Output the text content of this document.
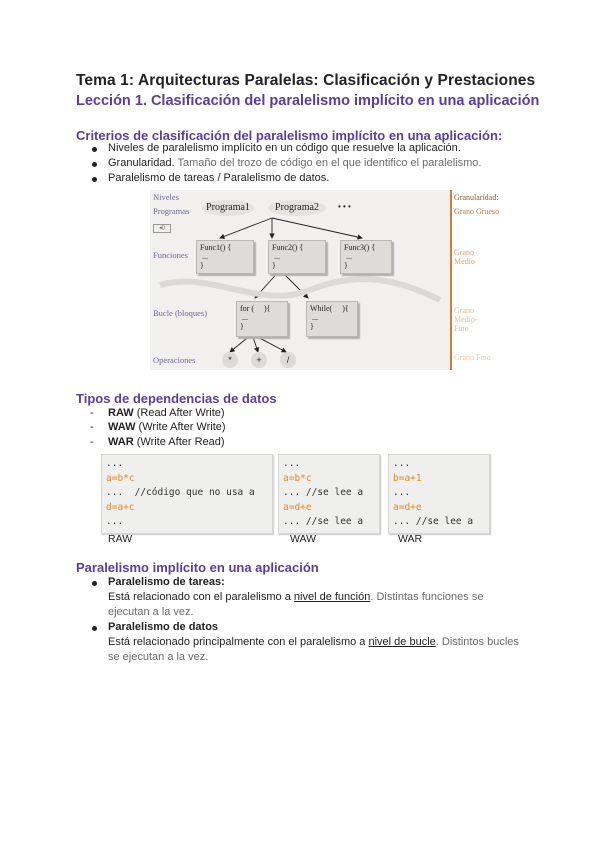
Tema 1: Arquitecturas Paralelas: Clasificación y Prestaciones
Lección 1. Clasificación del paralelismo implícito en una aplicación
Criterios de clasificación del paralelismo implícito en una aplicación:
Niveles de paralelismo implícito en un código que resuelve la aplicación.
Granularidad. Tamaño del trozo de código en el que identifico el paralelismo.
Paralelismo de tareas / Paralelismo de datos.
Niveles
Programas
◂))
Funciones
Bucle (bloques)
Operaciones
Programa1	Programa2	• • •
Func1() {
...
}
Func2() {
...
}
Func3() {
...
}
for (     ){
...
}
While(     ){
...
}
*	+	/
Granularidad:
Grano Grueso
Grano Medio
Grano Medio-Fino
Grano Fino
Tipos de dependencias de datos
- RAW (Read After Write)
- WAW (Write After Write)
- WAR (Write After Read)
...
a=b*c
...  //código que no usa a
d=a+c
...
...
a=b*c
... //se lee a
a=d+e
... //se lee a
...
b=a+1
...
a=d+e
... //se lee a
RAW	WAW	WAR
Paralelismo implícito en una aplicación
Paralelismo de tareas:
Está relacionado con el paralelismo a nivel de función. Distintas funciones se
ejecutan a la vez.
Paralelismo de datos
Está relacionado principalmente con el paralelismo a nivel de bucle. Distintos bucles
se ejecutan a la vez.
